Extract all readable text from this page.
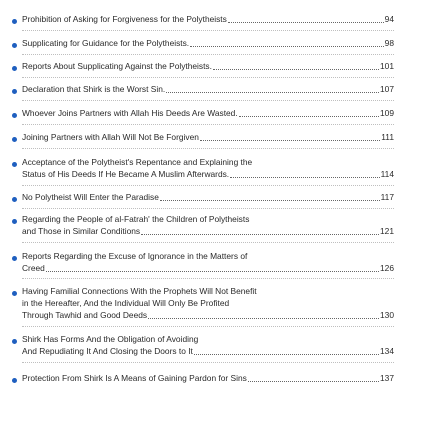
Prohibition of Asking for Forgiveness for the Polytheists	94
Supplicating for Guidance for the Polytheists.	98
Reports About Supplicating Against the Polytheists.	101
Declaration that Shirk is the Worst Sin.	107
Whoever Joins Partners with Allah His Deeds Are Wasted.	109
Joining Partners with Allah Will Not Be Forgiven	111
Acceptance of the Polytheist's Repentance and Explaining the
Status of His Deeds If He Became A Muslim Afterwards.	114
No Polytheist Will Enter the Paradise	117
Regarding the People of al-Fatrah' the Children of Polytheists
and Those in Similar Conditions	121
Reports Regarding the Excuse of Ignorance in the Matters of
Creed	126
Having Familial Connections With the Prophets Will Not Benefit
in the Hereafter, And the Individual Will Only Be Profited
Through Tawhid and Good Deeds	130
Shirk Has Forms And the Obligation of Avoiding
And Repudiating It And Closing the Doors to It	134
Protection From Shirk Is A Means of Gaining Pardon for Sins	137
